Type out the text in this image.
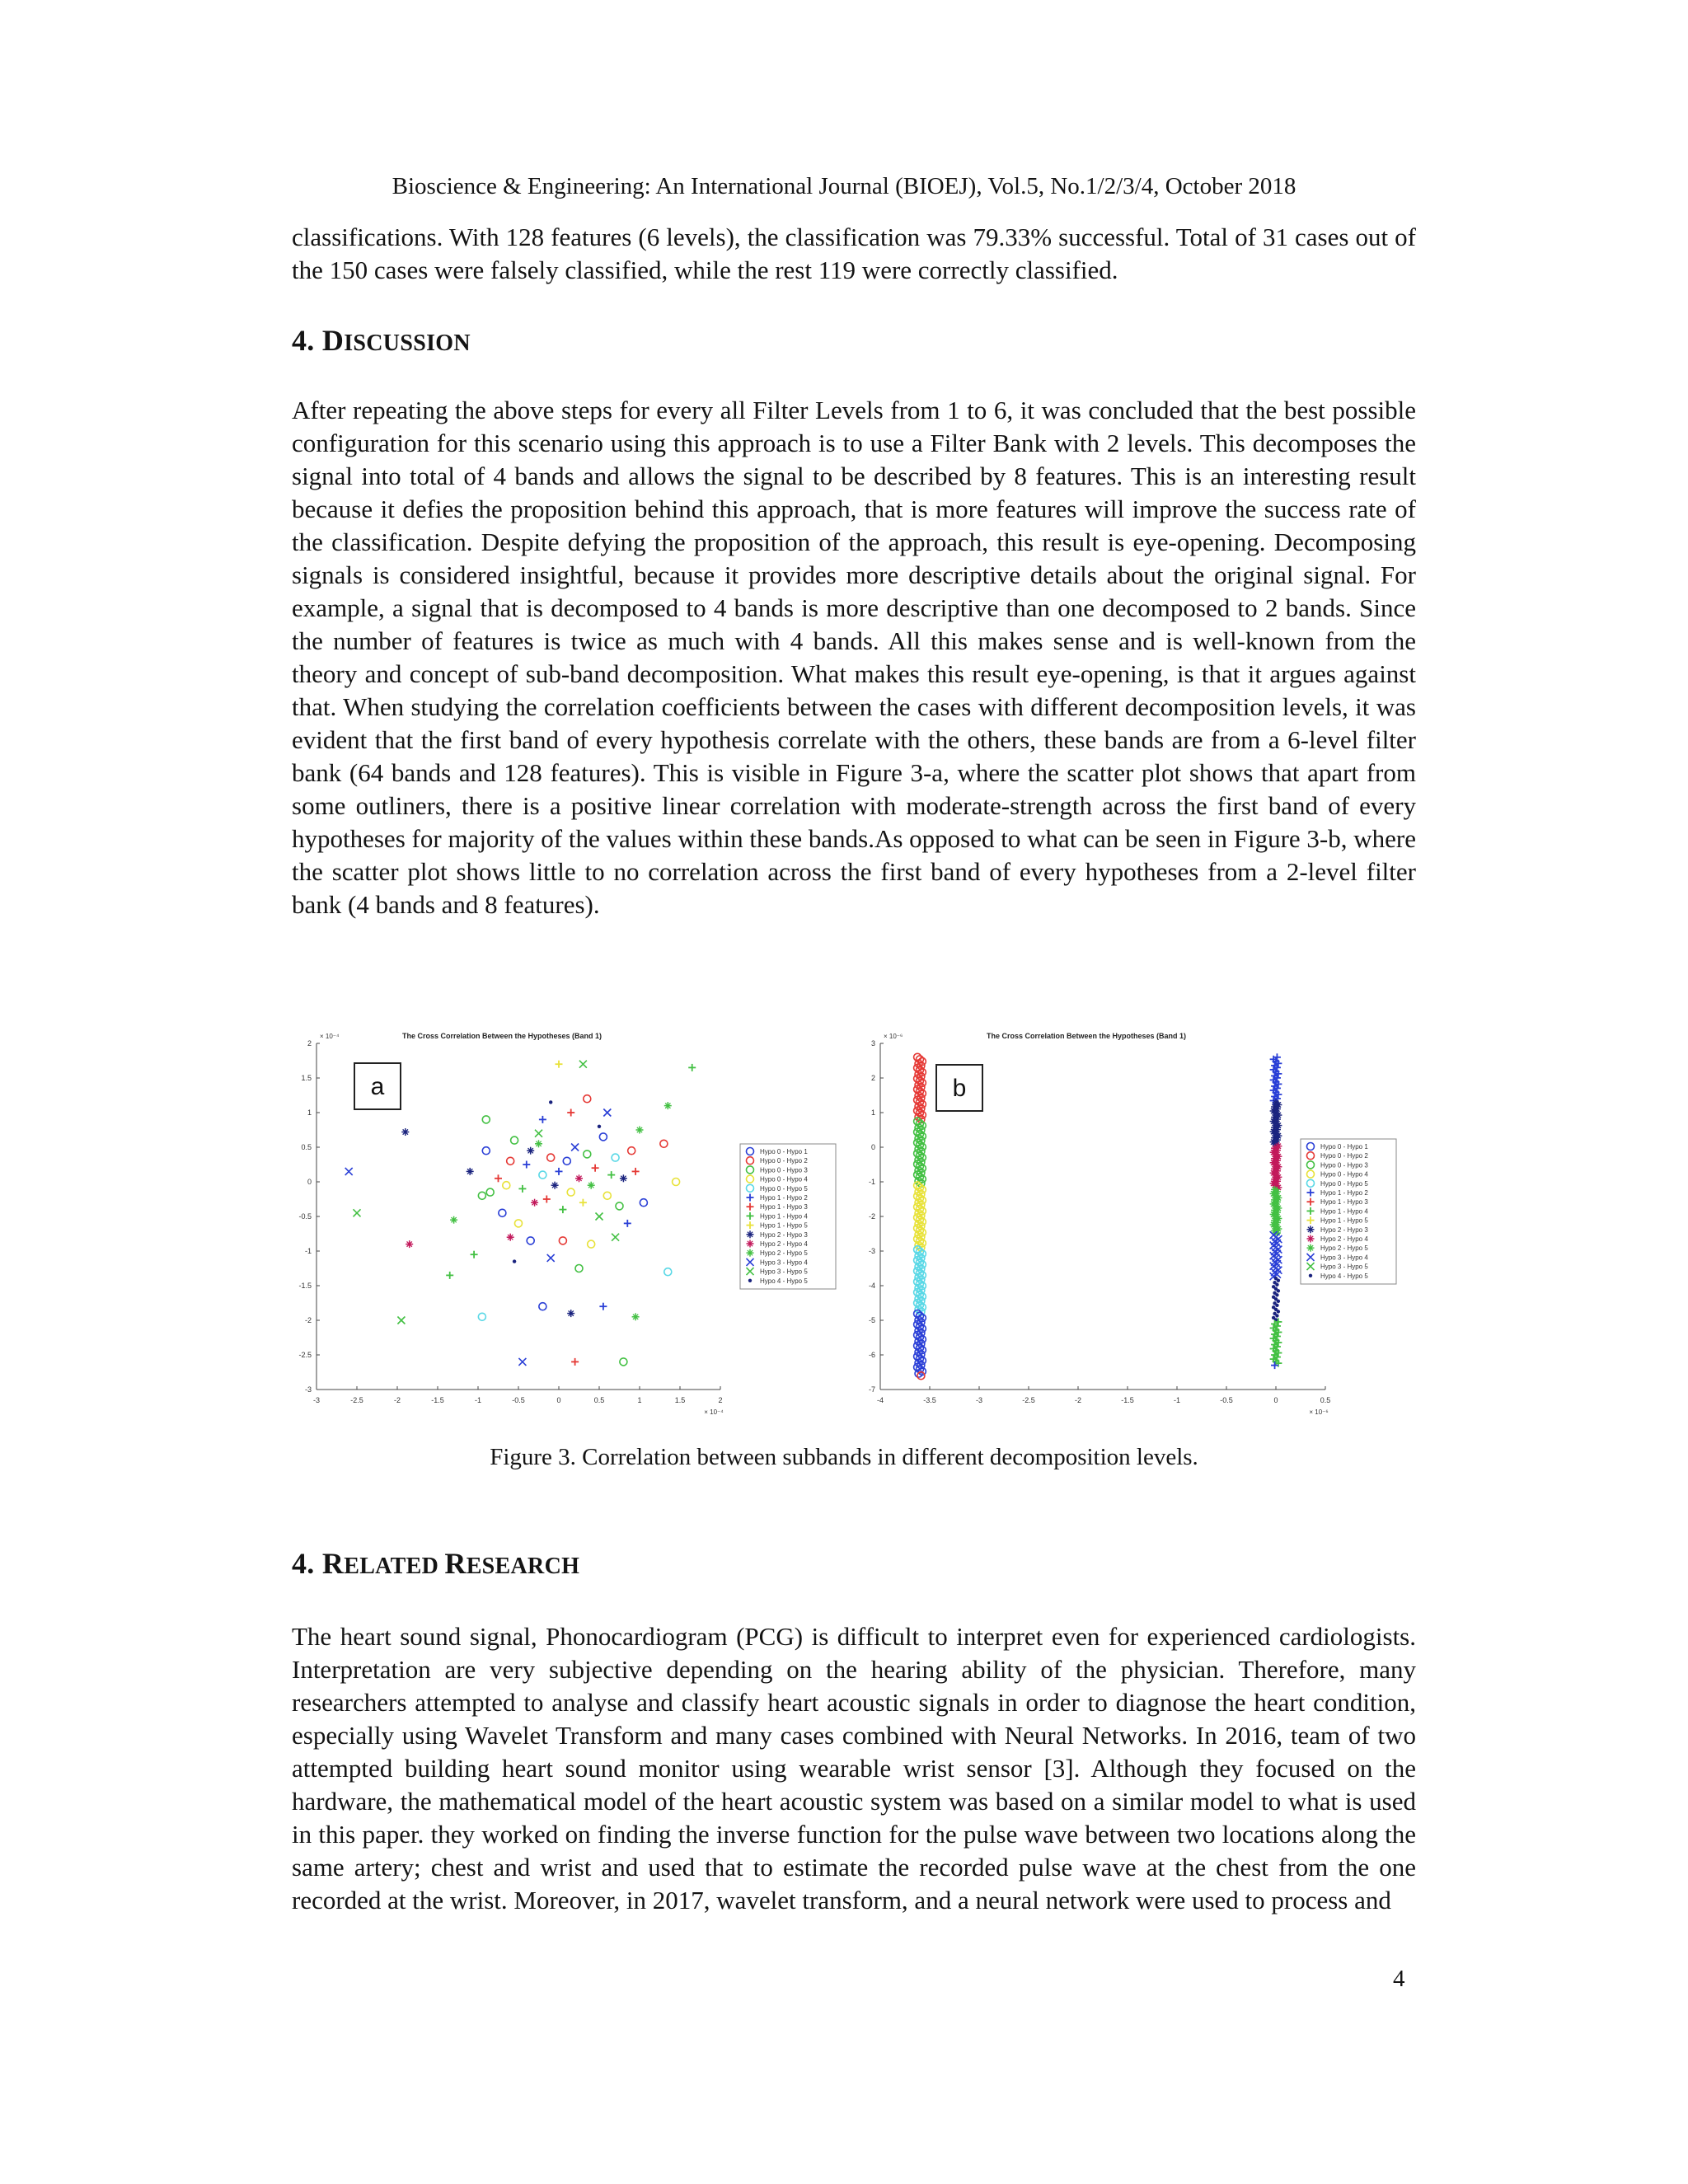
Bioscience & Engineering: An International Journal (BIOEJ), Vol.5, No.1/2/3/4, October 2018
classifications. With 128 features (6 levels), the classification was 79.33% successful. Total of 31 cases out of the 150 cases were falsely classified, while the rest 119 were correctly classified.
4. DISCUSSION
After repeating the above steps for every all Filter Levels from 1 to 6, it was concluded that the best possible configuration for this scenario using this approach is to use a Filter Bank with 2 levels. This decomposes the signal into total of 4 bands and allows the signal to be described by 8 features. This is an interesting result because it defies the proposition behind this approach, that is more features will improve the success rate of the classification. Despite defying the proposition of the approach, this result is eye-opening. Decomposing signals is considered insightful, because it provides more descriptive details about the original signal. For example, a signal that is decomposed to 4 bands is more descriptive than one decomposed to 2 bands. Since the number of features is twice as much with 4 bands. All this makes sense and is well-known from the theory and concept of sub-band decomposition. What makes this result eye-opening, is that it argues against that. When studying the correlation coefficients between the cases with different decomposition levels, it was evident that the first band of every hypothesis correlate with the others, these bands are from a 6-level filter bank (64 bands and 128 features). This is visible in Figure 3-a, where the scatter plot shows that apart from some outliners, there is a positive linear correlation with moderate-strength across the first band of every hypotheses for majority of the values within these bands.As opposed to what can be seen in Figure 3-b, where the scatter plot shows little to no correlation across the first band of every hypotheses from a 2-level filter bank (4 bands and 8 features).
-3	-2.5	-2	-1.5	-1	-0.5	0	0.5	1	1.5	2
2
1.5
1
0.5
0
-0.5
-1
-1.5
-2
-2.5
-3
× 10⁻⁴
× 10⁻⁴	The Cross Correlation Between the Hypotheses (Band 1)
a
Hypo 0 - Hypo 1
Hypo 0 - Hypo 2
Hypo 0 - Hypo 3
Hypo 0 - Hypo 4
Hypo 0 - Hypo 5
Hypo 1 - Hypo 2
Hypo 1 - Hypo 3
Hypo 1 - Hypo 4
Hypo 1 - Hypo 5
Hypo 2 - Hypo 3
Hypo 2 - Hypo 4
Hypo 2 - Hypo 5
Hypo 3 - Hypo 4
Hypo 3 - Hypo 5
Hypo 4 - Hypo 5
-4	-3.5	-3	-2.5	-2	-1.5	-1	-0.5	0	0.5
3
2
1
0
-1
-2
-3
-4
-5
-6
-7
× 10⁻⁶
× 10⁻⁶	The Cross Correlation Between the Hypotheses (Band 1)
b
Hypo 0 - Hypo 1
Hypo 0 - Hypo 2
Hypo 0 - Hypo 3
Hypo 0 - Hypo 4
Hypo 0 - Hypo 5
Hypo 1 - Hypo 2
Hypo 1 - Hypo 3
Hypo 1 - Hypo 4
Hypo 1 - Hypo 5
Hypo 2 - Hypo 3
Hypo 2 - Hypo 4
Hypo 2 - Hypo 5
Hypo 3 - Hypo 4
Hypo 3 - Hypo 5
Hypo 4 - Hypo 5
Figure 3. Correlation between subbands in different decomposition levels.
4. RELATED RESEARCH
The heart sound signal, Phonocardiogram (PCG) is difficult to interpret even for experienced cardiologists. Interpretation are very subjective depending on the hearing ability of the physician. Therefore, many researchers attempted to analyse and classify heart acoustic signals in order to diagnose the heart condition, especially using Wavelet Transform and many cases combined with Neural Networks. In 2016, team of two attempted building heart sound monitor using wearable wrist sensor [3]. Although they focused on the hardware, the mathematical model of the heart acoustic system was based on a similar model to what is used in this paper. they worked on finding the inverse function for the pulse wave between two locations along the same artery; chest and wrist and used that to estimate the recorded pulse wave at the chest from the one recorded at the wrist. Moreover, in 2017, wavelet transform, and a neural network were used to process and
4
